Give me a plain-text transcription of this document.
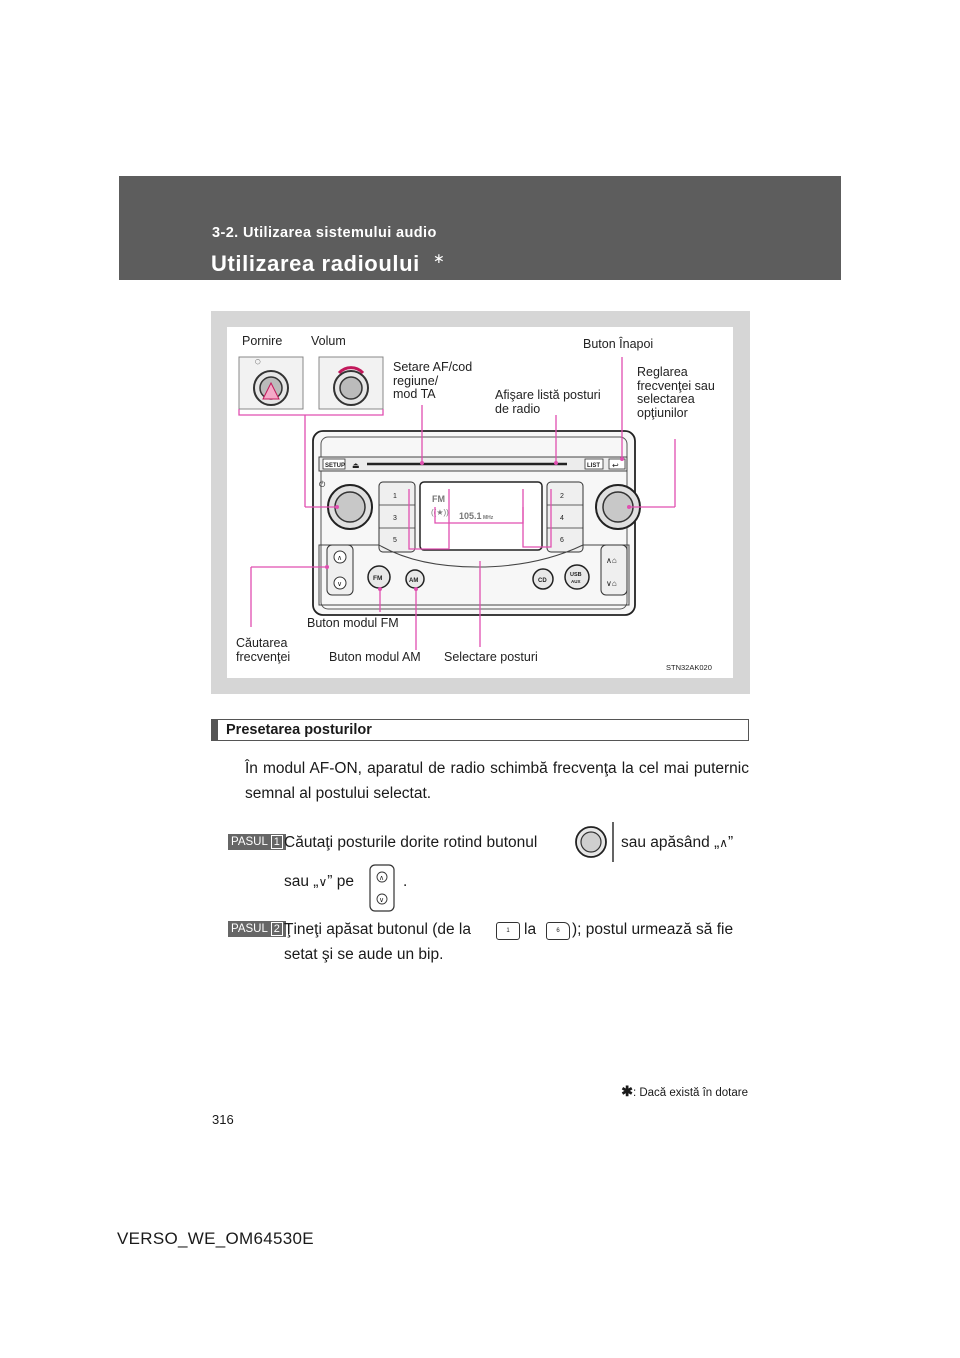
3-2. Utilizarea sistemului audio
Utilizarea radioului ∗
◯
SETUP ⏏	LIST ↩
⏻
1
3
5
2
4
6
FM
((★)) 105.1 MHz
∧
∨
FM	AM	CD
USB
AUX
∧⌂
∨⌂
Pornire Volum
Setare AF/cod
regiune/
mod TA	Afişare listă posturi
de radio
Buton Înapoi
Reglarea
frecvenţei sau
selectarea
opţiunilor
Căutarea
frecvenţei
Buton modul FM
Buton modul AM Selectare posturi
STN32AK020
Presetarea posturilor
În modul AF-ON, aparatul de radio schimbă frecvenţa la cel mai puternic semnal al postului selectat.
PASUL 1 Căutaţi posturile dorite rotind butonul	sau apăsând „∧”
sau „∨” pe	∧
∨
.
PASUL 2 Ţineţi apăsat butonul (de la	1 la	6 ); postul urmează să fie
setat şi se aude un bip.
✱: Dacă există în dotare
316
VERSO_WE_OM64530E
